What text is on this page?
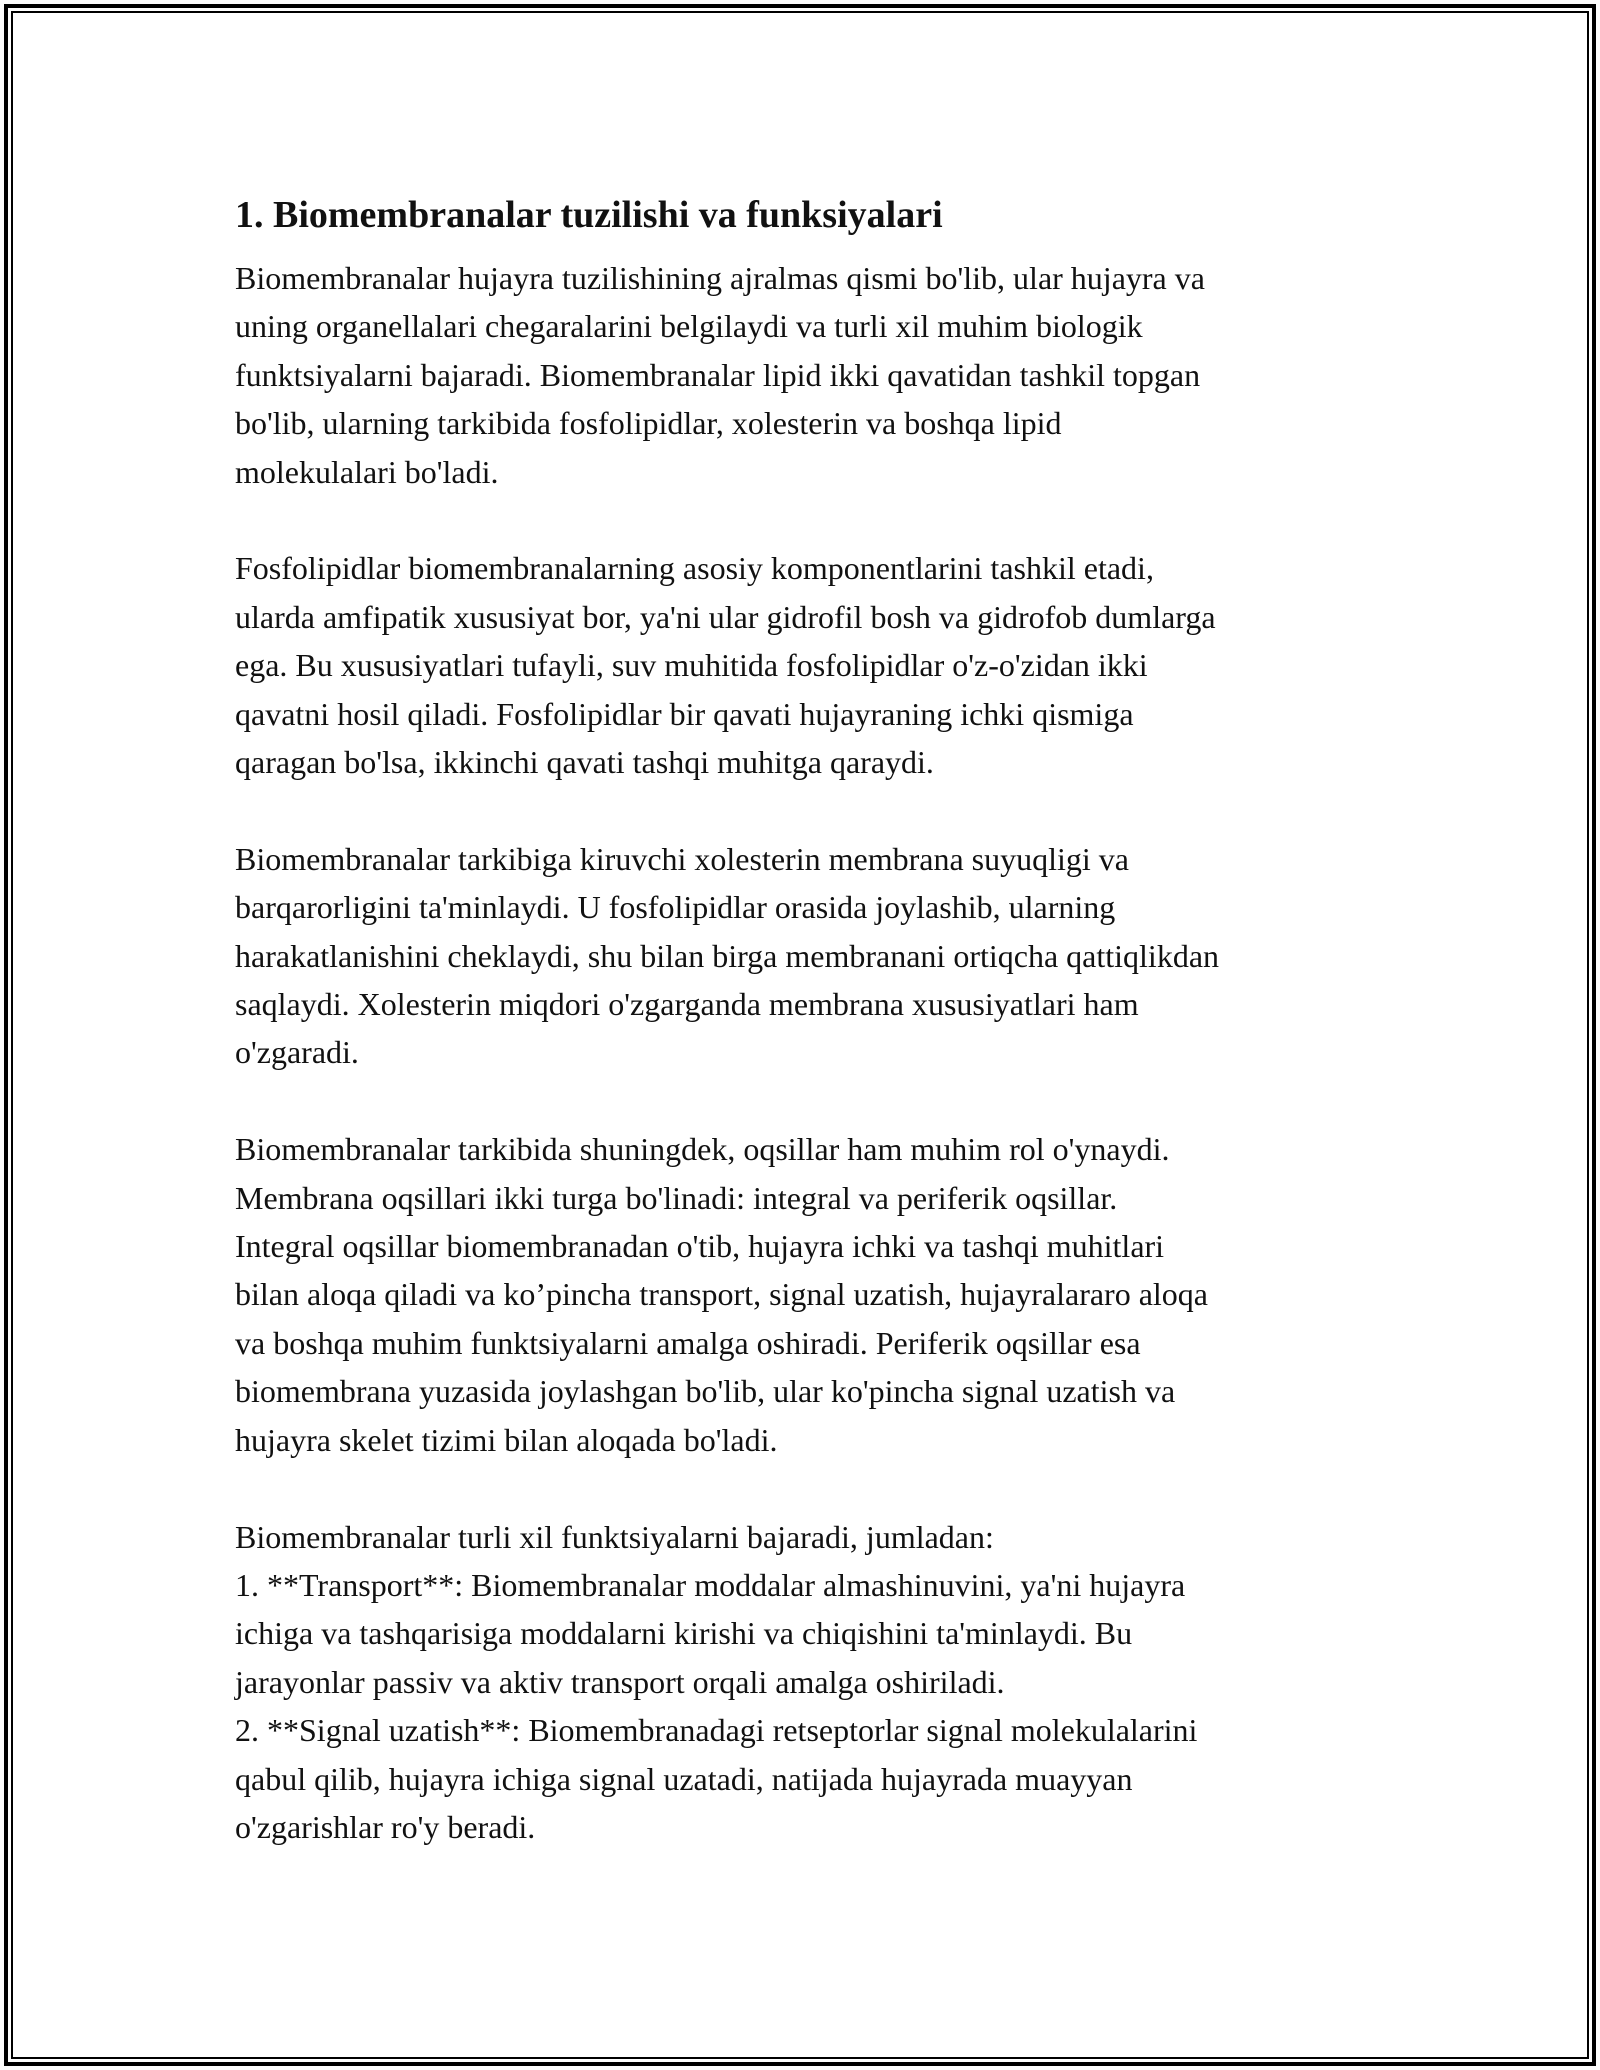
1. Biomembranalar tuzilishi va funksiyalari
Biomembranalar hujayra tuzilishining ajralmas qismi bo'lib, ular hujayra va
uning organellalari chegaralarini belgilaydi va turli xil muhim biologik
funktsiyalarni bajaradi. Biomembranalar lipid ikki qavatidan tashkil topgan
bo'lib, ularning tarkibida fosfolipidlar, xolesterin va boshqa lipid
molekulalari bo'ladi.
Fosfolipidlar biomembranalarning asosiy komponentlarini tashkil etadi,
ularda amfipatik xususiyat bor, ya'ni ular gidrofil bosh va gidrofob dumlarga
ega. Bu xususiyatlari tufayli, suv muhitida fosfolipidlar o'z-o'zidan ikki
qavatni hosil qiladi. Fosfolipidlar bir qavati hujayraning ichki qismiga
qaragan bo'lsa, ikkinchi qavati tashqi muhitga qaraydi.
Biomembranalar tarkibiga kiruvchi xolesterin membrana suyuqligi va
barqarorligini ta'minlaydi. U fosfolipidlar orasida joylashib, ularning
harakatlanishini cheklaydi, shu bilan birga membranani ortiqcha qattiqlikdan
saqlaydi. Xolesterin miqdori o'zgarganda membrana xususiyatlari ham
o'zgaradi.
Biomembranalar tarkibida shuningdek, oqsillar ham muhim rol o'ynaydi.
Membrana oqsillari ikki turga bo'linadi: integral va periferik oqsillar.
Integral oqsillar biomembranadan o'tib, hujayra ichki va tashqi muhitlari
bilan aloqa qiladi va ko’pincha transport, signal uzatish, hujayralararo aloqa
va boshqa muhim funktsiyalarni amalga oshiradi. Periferik oqsillar esa
biomembrana yuzasida joylashgan bo'lib, ular ko'pincha signal uzatish va
hujayra skelet tizimi bilan aloqada bo'ladi.
Biomembranalar turli xil funktsiyalarni bajaradi, jumladan:
1. **Transport**: Biomembranalar moddalar almashinuvini, ya'ni hujayra
ichiga va tashqarisiga moddalarni kirishi va chiqishini ta'minlaydi. Bu
jarayonlar passiv va aktiv transport orqali amalga oshiriladi.
2. **Signal uzatish**: Biomembranadagi retseptorlar signal molekulalarini
qabul qilib, hujayra ichiga signal uzatadi, natijada hujayrada muayyan
o'zgarishlar ro'y beradi.
